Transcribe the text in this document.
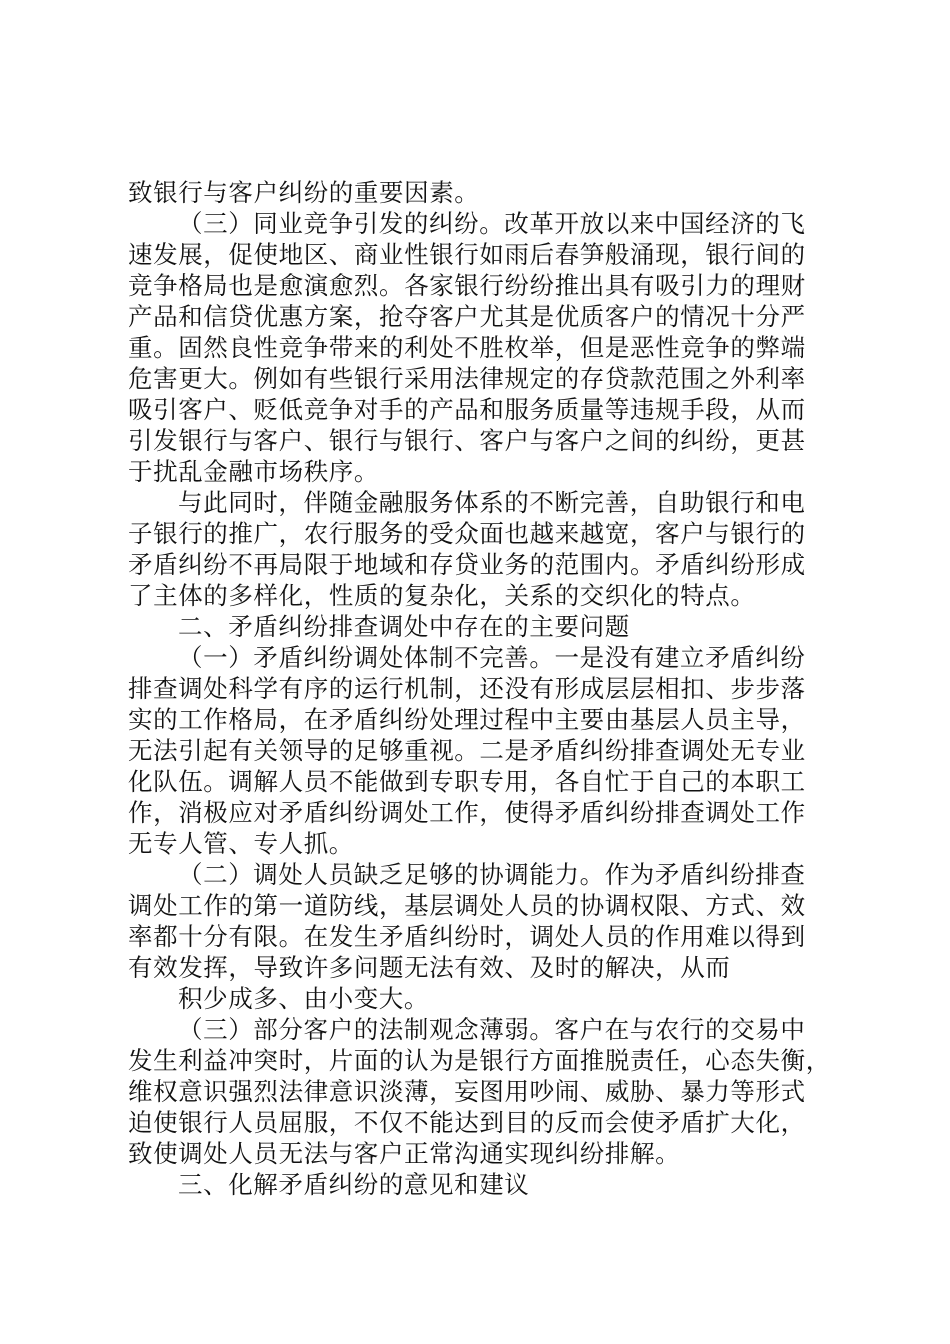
致银行与客户纠纷的重要因素。
（三）同业竞争引发的纠纷。改革开放以来中国经济的飞
速发展，促使地区、商业性银行如雨后春笋般涌现，银行间的
竞争格局也是愈演愈烈。各家银行纷纷推出具有吸引力的理财
产品和信贷优惠方案，抢夺客户尤其是优质客户的情况十分严
重。固然良性竞争带来的利处不胜枚举，但是恶性竞争的弊端
危害更大。例如有些银行采用法律规定的存贷款范围之外利率
吸引客户、贬低竞争对手的产品和服务质量等违规手段，从而
引发银行与客户、银行与银行、客户与客户之间的纠纷，更甚
于扰乱金融市场秩序。
与此同时，伴随金融服务体系的不断完善，自助银行和电
子银行的推广，农行服务的受众面也越来越宽，客户与银行的
矛盾纠纷不再局限于地域和存贷业务的范围内。矛盾纠纷形成
了主体的多样化，性质的复杂化，关系的交织化的特点。
二、矛盾纠纷排查调处中存在的主要问题
（一）矛盾纠纷调处体制不完善。一是没有建立矛盾纠纷
排查调处科学有序的运行机制，还没有形成层层相扣、步步落
实的工作格局，在矛盾纠纷处理过程中主要由基层人员主导，
无法引起有关领导的足够重视。二是矛盾纠纷排查调处无专业
化队伍。调解人员不能做到专职专用，各自忙于自己的本职工
作，消极应对矛盾纠纷调处工作，使得矛盾纠纷排查调处工作
无专人管、专人抓。
（二）调处人员缺乏足够的协调能力。作为矛盾纠纷排查
调处工作的第一道防线，基层调处人员的协调权限、方式、效
率都十分有限。在发生矛盾纠纷时，调处人员的作用难以得到
有效发挥，导致许多问题无法有效、及时的解决，从而
积少成多、由小变大。
（三）部分客户的法制观念薄弱。客户在与农行的交易中
发生利益冲突时，片面的认为是银行方面推脱责任，心态失衡，
维权意识强烈法律意识淡薄，妄图用吵闹、威胁、暴力等形式
迫使银行人员屈服，不仅不能达到目的反而会使矛盾扩大化，
致使调处人员无法与客户正常沟通实现纠纷排解。
三、化解矛盾纠纷的意见和建议
